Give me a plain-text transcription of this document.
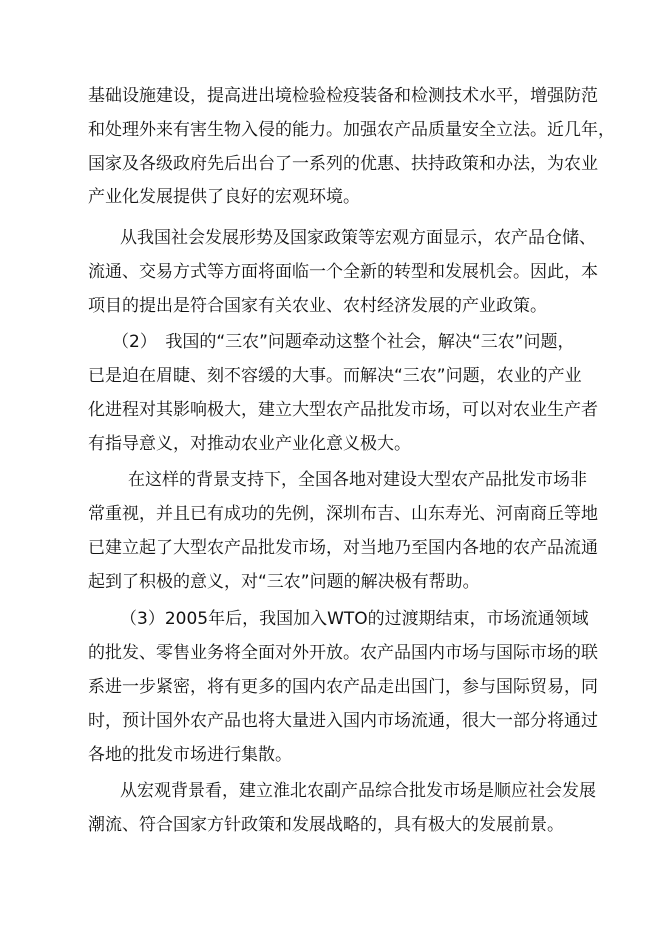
基础设施建设，提高进出境检验检疫装备和检测技术水平，增强防范
和处理外来有害生物入侵的能力。加强农产品质量安全立法。近几年，
国家及各级政府先后出台了一系列的优惠、扶持政策和办法，为农业
产业化发展提供了良好的宏观环境。
从我国社会发展形势及国家政策等宏观方面显示，农产品仓储、
流通、交易方式等方面将面临一个全新的转型和发展机会。因此，本
项目的提出是符合国家有关农业、农村经济发展的产业政策。
（2）　我国的“三农”问题牵动这整个社会，解决“三农”问题，
已是迫在眉睫、刻不容缓的大事。而解决“三农”问题，农业的产业
化进程对其影响极大，建立大型农产品批发市场，可以对农业生产者
有指导意义，对推动农业产业化意义极大。
在这样的背景支持下，全国各地对建设大型农产品批发市场非
常重视，并且已有成功的先例，深圳布吉、山东寿光、河南商丘等地
已建立起了大型农产品批发市场，对当地乃至国内各地的农产品流通
起到了积极的意义，对“三农”问题的解决极有帮助。
（3）2005年后，我国加入WTO的过渡期结束，市场流通领域
的批发、零售业务将全面对外开放。农产品国内市场与国际市场的联
系进一步紧密，将有更多的国内农产品走出国门，参与国际贸易，同
时，预计国外农产品也将大量进入国内市场流通，很大一部分将通过
各地的批发市场进行集散。
从宏观背景看，建立淮北农副产品综合批发市场是顺应社会发展
潮流、符合国家方针政策和发展战略的，具有极大的发展前景。
